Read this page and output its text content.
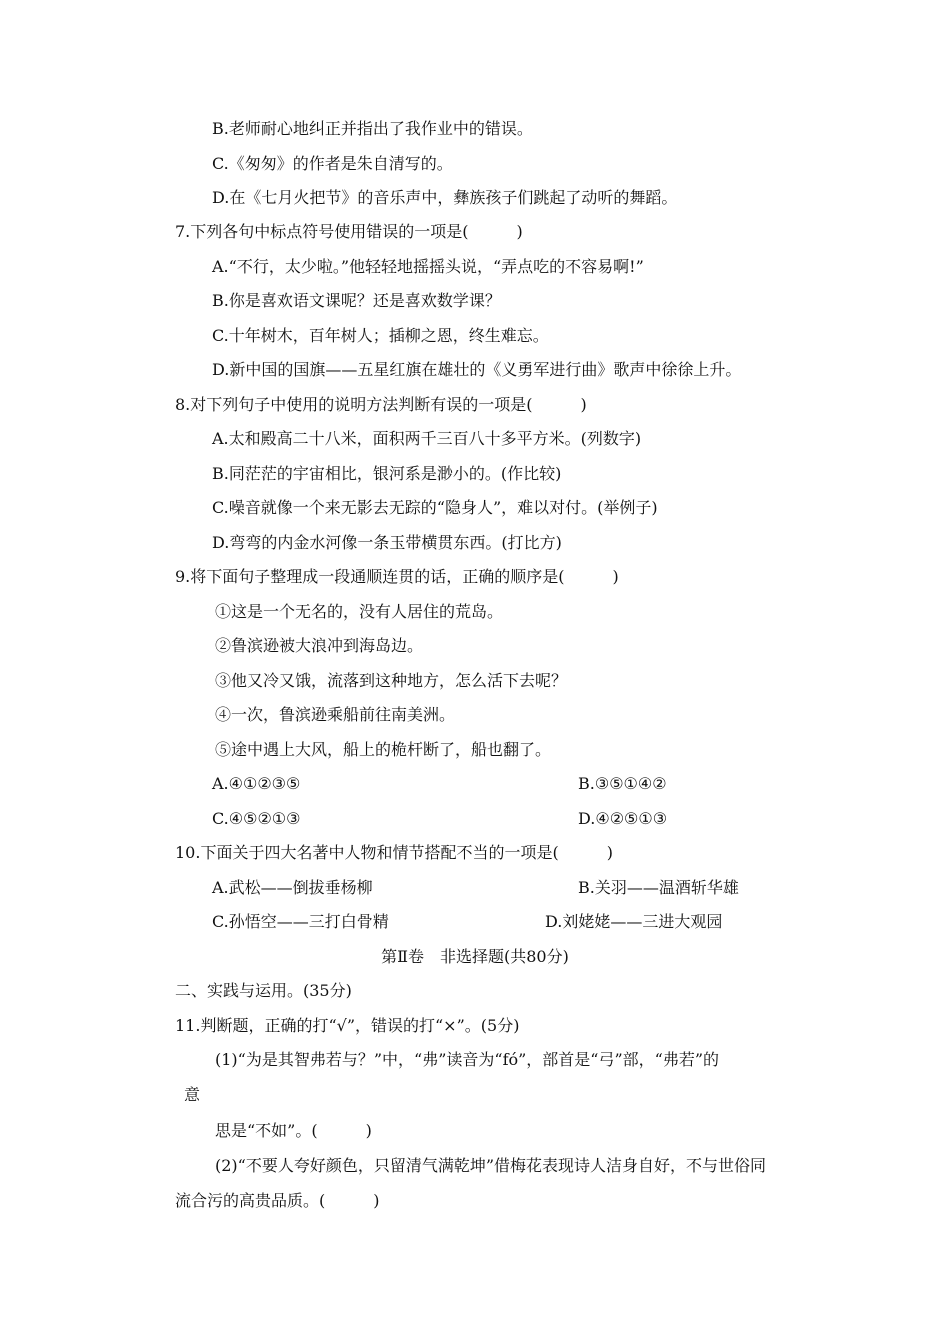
B.老师耐心地纠正并指出了我作业中的错误。
C.《匆匆》的作者是朱自清写的。
D.在《七月火把节》的音乐声中，彝族孩子们跳起了动听的舞蹈。
7.下列各句中标点符号使用错误的一项是(　　　)
A.“不行，太少啦。”他轻轻地摇摇头说，“弄点吃的不容易啊!”
B.你是喜欢语文课呢？还是喜欢数学课？
C.十年树木，百年树人；插柳之恩，终生难忘。
D.新中国的国旗——五星红旗在雄壮的《义勇军进行曲》歌声中徐徐上升。
8.对下列句子中使用的说明方法判断有误的一项是(　　　)
A.太和殿高二十八米，面积两千三百八十多平方米。(列数字)
B.同茫茫的宇宙相比，银河系是渺小的。(作比较)
C.噪音就像一个来无影去无踪的“隐身人”，难以对付。(举例子)
D.弯弯的内金水河像一条玉带横贯东西。(打比方)
9.将下面句子整理成一段通顺连贯的话，正确的顺序是(　　　)
①这是一个无名的，没有人居住的荒岛。
②鲁滨逊被大浪冲到海岛边。
③他又冷又饿，流落到这种地方，怎么活下去呢？
④一次，鲁滨逊乘船前往南美洲。
⑤途中遇上大风，船上的桅杆断了，船也翻了。
A.④①②③⑤	B.③⑤①④②
C.④⑤②①③	D.④②⑤①③
10.下面关于四大名著中人物和情节搭配不当的一项是(　　　)
A.武松——倒拔垂杨柳	B.关羽——温酒斩华雄
C.孙悟空——三打白骨精	D.刘姥姥——三进大观园
第Ⅱ卷　非选择题(共80分)
二、实践与运用。(35分)
11.判断题，正确的打“√”，错误的打“×”。(5分)
(1)“为是其智弗若与？”中，“弗”读音为“fó”，部首是“弓”部，“弗若”的
意
思是“不如”。(　　　)
(2)“不要人夸好颜色，只留清气满乾坤”借梅花表现诗人洁身自好，不与世俗同
流合污的高贵品质。(　　　)
